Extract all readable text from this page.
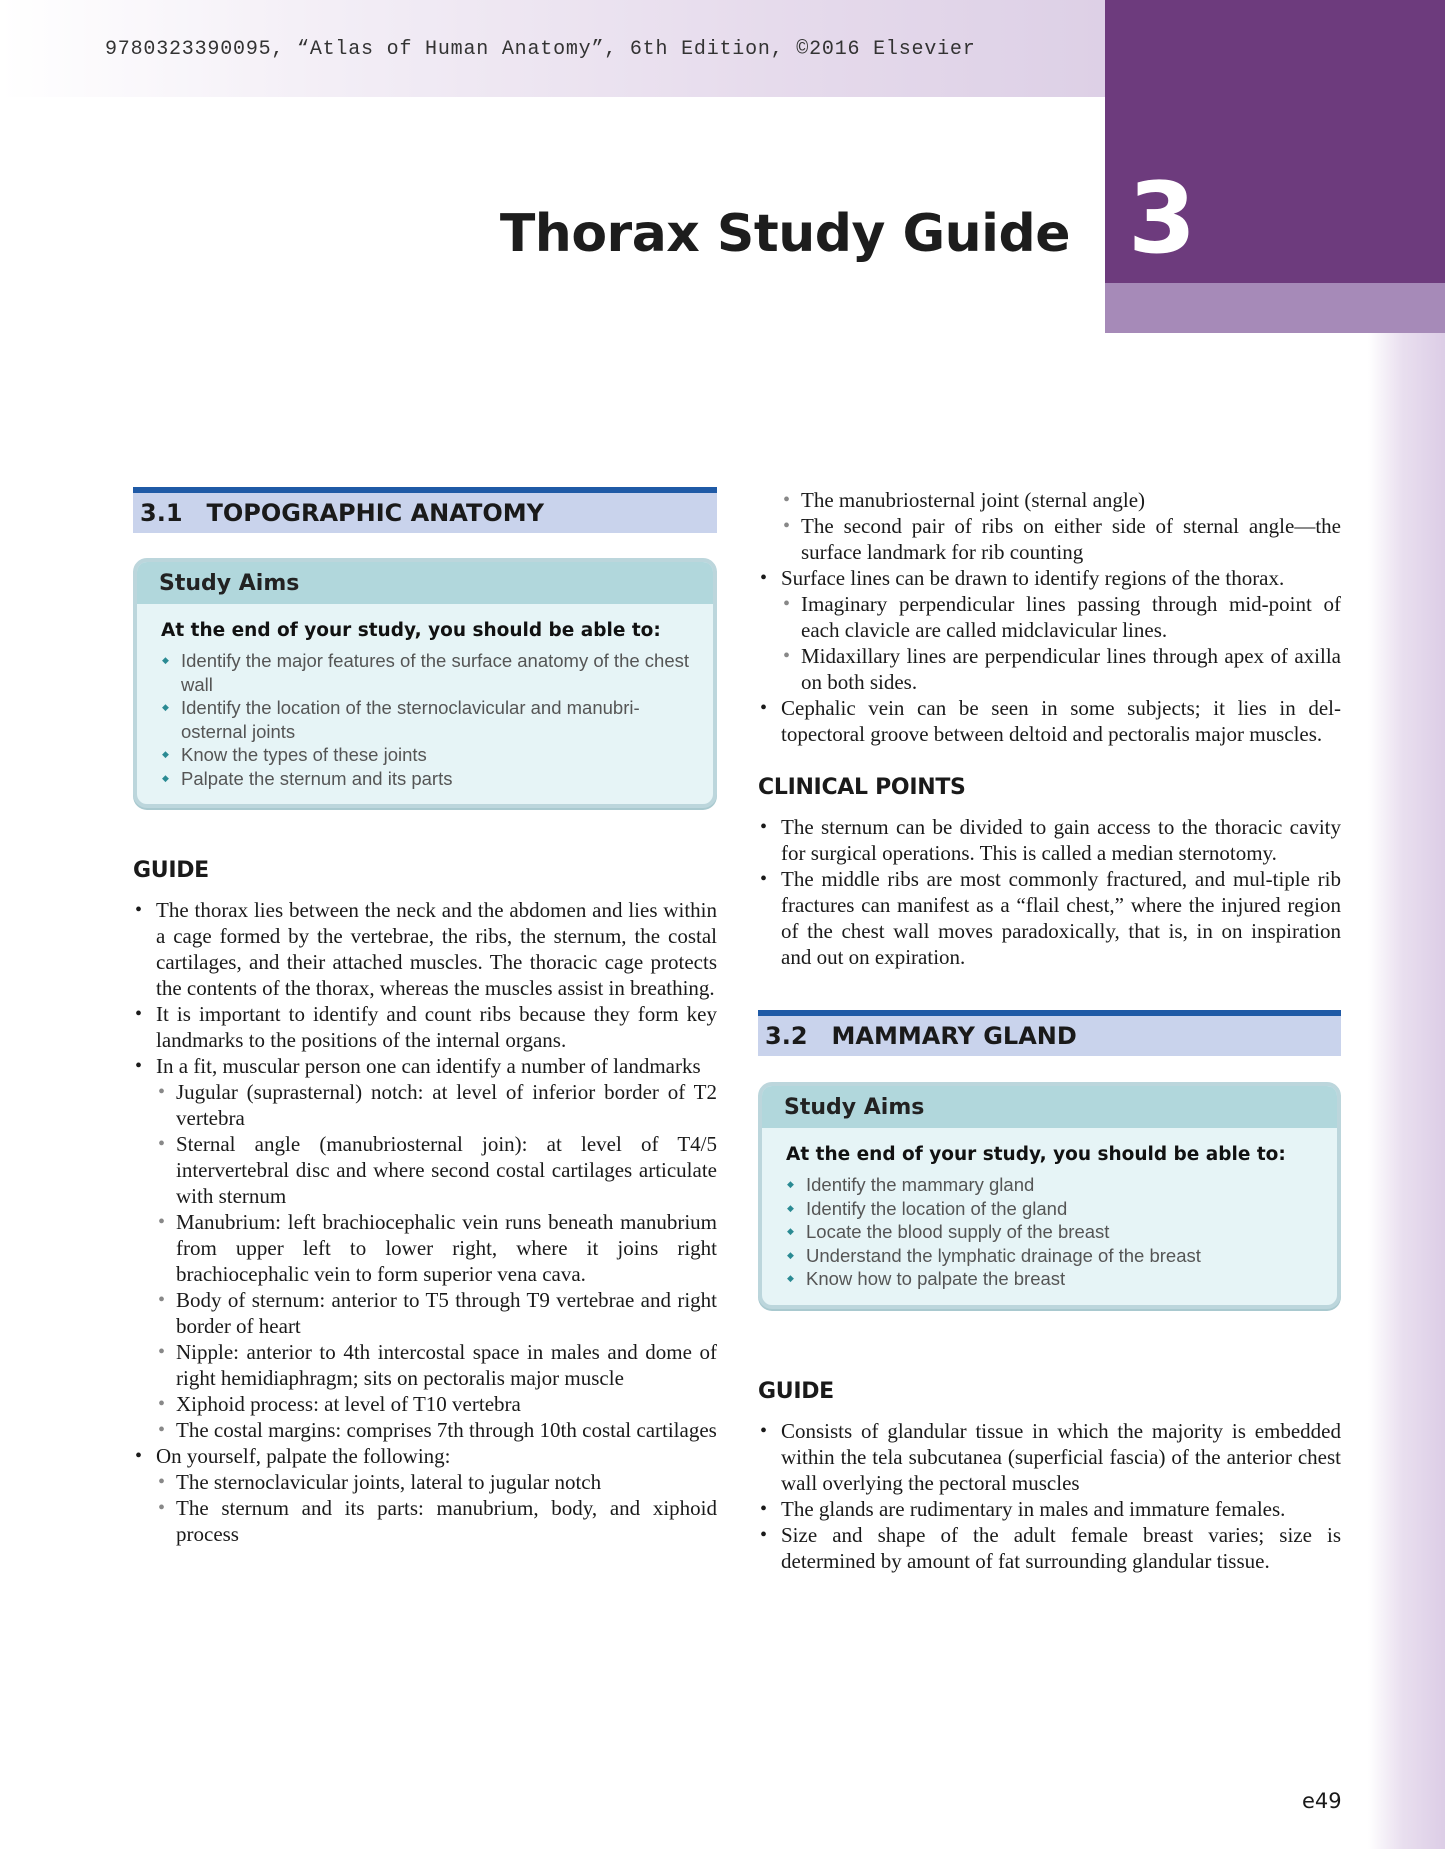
9780323390095, “Atlas of Human Anatomy”, 6th Edition, ©2016 Elsevier
3
Thorax Study Guide
3.1 TOPOGRAPHIC ANATOMY
Study Aims
At the end of your study, you should be able to:
◆ Identify the major features of the surface anatomy of the chest wall
◆ Identify the location of the sternoclavicular and manubri-osternal joints
◆ Know the types of these joints
◆ Palpate the sternum and its parts
GUIDE
• The thorax lies between the neck and the abdomen and lies within a cage formed by the vertebrae, the ribs, the sternum, the costal cartilages, and their attached muscles. The thoracic cage protects the contents of the thorax, whereas the muscles assist in breathing.
• It is important to identify and count ribs because they form key landmarks to the positions of the internal organs.
• In a fit, muscular person one can identify a number of landmarks
• Jugular (suprasternal) notch: at level of inferior border of T2 vertebra
• Sternal angle (manubriosternal join): at level of T4/5 intervertebral disc and where second costal cartilages articulate with sternum
• Manubrium: left brachiocephalic vein runs beneath manubrium from upper left to lower right, where it joins right brachiocephalic vein to form superior vena cava.
• Body of sternum: anterior to T5 through T9 vertebrae and right border of heart
• Nipple: anterior to 4th intercostal space in males and dome of right hemidiaphragm; sits on pectoralis major muscle
• Xiphoid process: at level of T10 vertebra
• The costal margins: comprises 7th through 10th costal cartilages
• On yourself, palpate the following:
• The sternoclavicular joints, lateral to jugular notch
• The sternum and its parts: manubrium, body, and xiphoid process
• The manubriosternal joint (sternal angle)
• The second pair of ribs on either side of sternal angle—the surface landmark for rib counting
• Surface lines can be drawn to identify regions of the thorax.
• Imaginary perpendicular lines passing through mid-point of each clavicle are called midclavicular lines.
• Midaxillary lines are perpendicular lines through apex of axilla on both sides.
• Cephalic vein can be seen in some subjects; it lies in del-topectoral groove between deltoid and pectoralis major muscles.
CLINICAL POINTS
• The sternum can be divided to gain access to the thoracic cavity for surgical operations. This is called a median sternotomy.
• The middle ribs are most commonly fractured, and mul-tiple rib fractures can manifest as a “flail chest,” where the injured region of the chest wall moves paradoxically, that is, in on inspiration and out on expiration.
3.2 MAMMARY GLAND
Study Aims
At the end of your study, you should be able to:
◆ Identify the mammary gland
◆ Identify the location of the gland
◆ Locate the blood supply of the breast
◆ Understand the lymphatic drainage of the breast
◆ Know how to palpate the breast
GUIDE
• Consists of glandular tissue in which the majority is embedded within the tela subcutanea (superficial fascia) of the anterior chest wall overlying the pectoral muscles
• The glands are rudimentary in males and immature females.
• Size and shape of the adult female breast varies; size is determined by amount of fat surrounding glandular tissue.
e49
